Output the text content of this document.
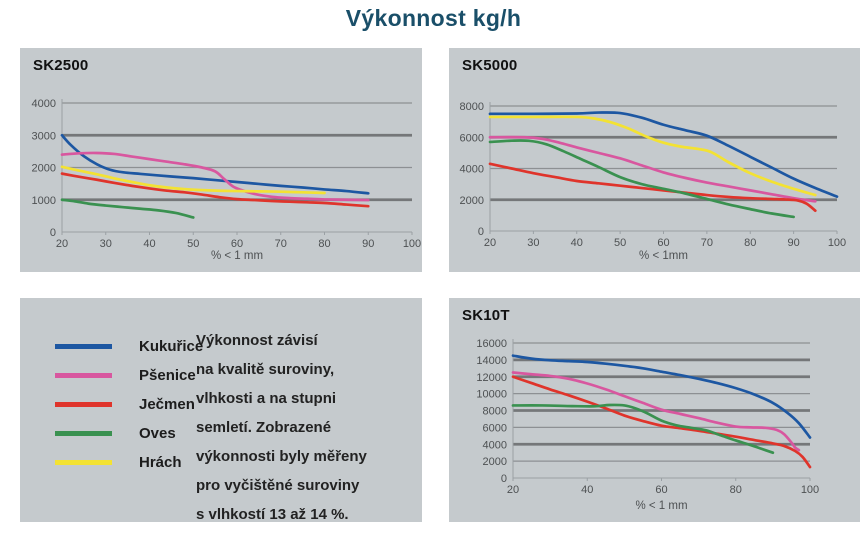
Výkonnost kg/h
0
1000
2000
3000
4000
20	30	40	50	60	70	80	90	100
% < 1 mm
SK2500
0
2000
4000
6000
8000
20	30	40	50	60	70	80	90	100
% < 1mm
SK5000
Kukuřice
Pšenice
Ječmen
Oves
Hrách
Výkonnost závisí
na kvalitě suroviny,
vlhkosti a na stupni
semletí. Zobrazené
výkonnosti byly měřeny
pro vyčištěné suroviny
s vlhkostí 13 až 14 %.
0
2000
4000
6000
8000
10000
12000
14000
16000
20	40	60	80	100
% < 1 mm
SK10T
